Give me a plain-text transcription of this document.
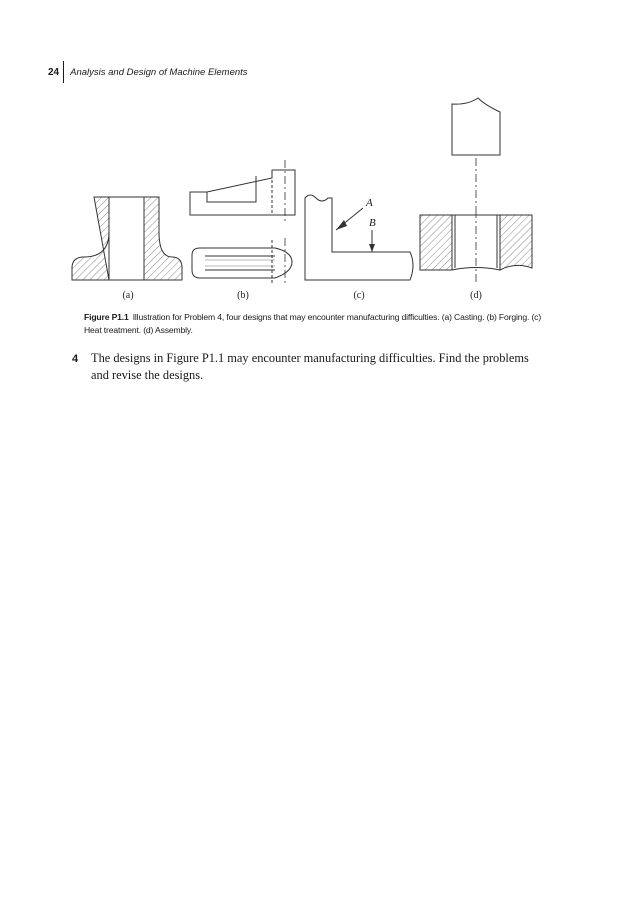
24 Analysis and Design of Machine Elements
A
B
(a)	(b)	(c)	(d)
Figure P1.1 Illustration for Problem 4, four designs that may encounter manufacturing difficulties. (a) Casting. (b) Forging. (c) Heat treatment. (d) Assembly.
4	The designs in Figure P1.1 may encounter manufacturing difficulties. Find the problems and revise the designs.
